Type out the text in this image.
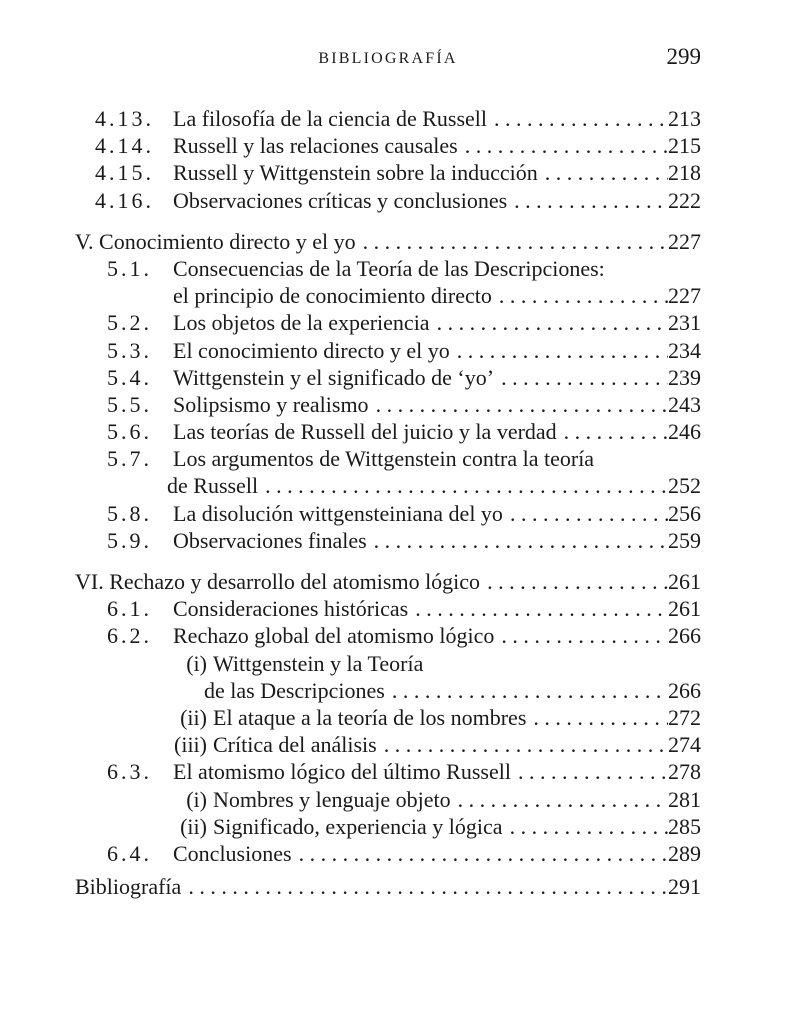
BIBLIOGRAFÍA	299
4.13. La filosofía de la ciencia de Russell . . .	213
4.14. Russell y las relaciones causales . . .	215
4.15. Russell y Wittgenstein sobre la inducción . . .	218
4.16. Observaciones críticas y conclusiones . . .	222
V. Conocimiento directo y el yo . . .	227
5.1. Consecuencias de la Teoría de las Descripciones:
el principio de conocimiento directo . . .	227
5.2. Los objetos de la experiencia . . .	231
5.3. El conocimiento directo y el yo . . .	234
5.4. Wittgenstein y el significado de ‘yo’ . . .	239
5.5. Solipsismo y realismo . . .	243
5.6. Las teorías de Russell del juicio y la verdad . . .	246
5.7. Los argumentos de Wittgenstein contra la teoría
de Russell . . .	252
5.8. La disolución wittgensteiniana del yo . . .	256
5.9. Observaciones finales . . .	259
VI. Rechazo y desarrollo del atomismo lógico . . .	261
6.1. Consideraciones históricas . . .	261
6.2. Rechazo global del atomismo lógico . . .	266
(i) Wittgenstein y la Teoría
de las Descripciones . . .	266
(ii) El ataque a la teoría de los nombres . . .	272
(iii) Crítica del análisis . . .	274
6.3. El atomismo lógico del último Russell . . .	278
(i) Nombres y lenguaje objeto . . .	281
(ii) Significado, experiencia y lógica . . .	285
6.4. Conclusiones . . .	289
Bibliografía . . .	291
